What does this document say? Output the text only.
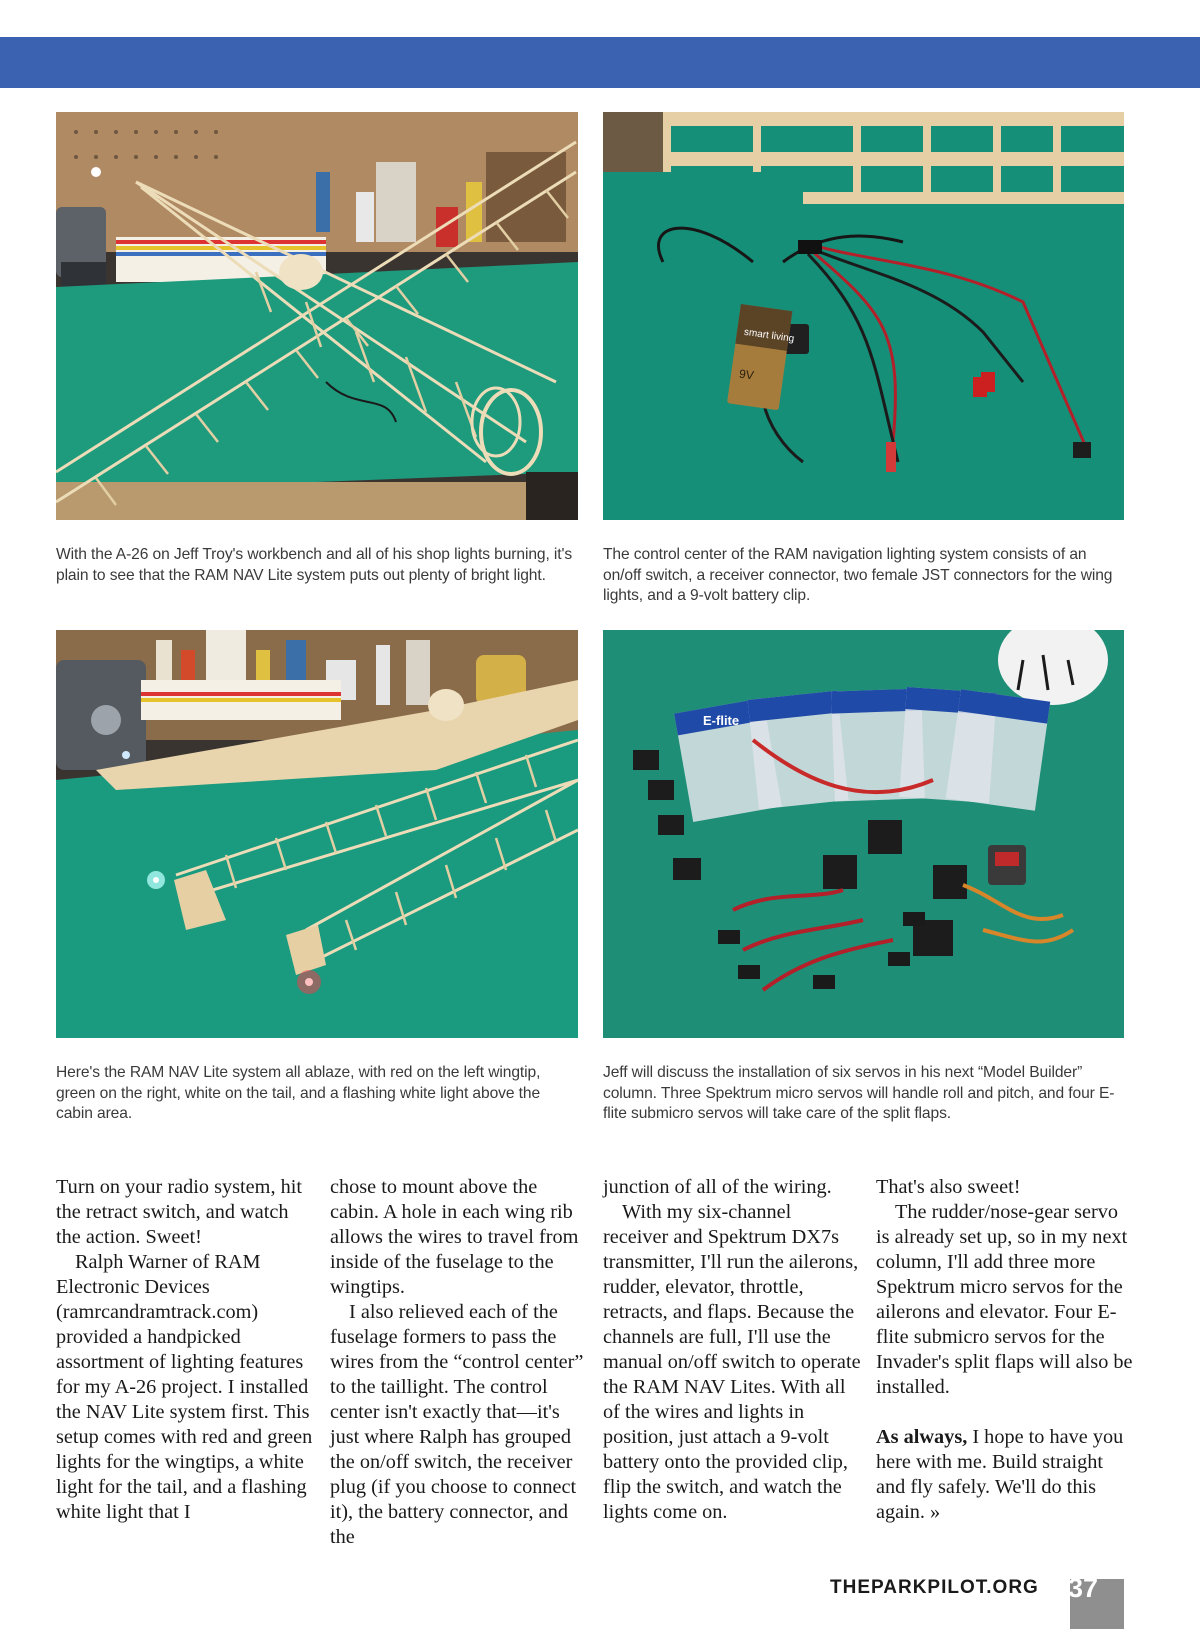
smart living
9V
With the A-26 on Jeff Troy's workbench and all of his shop lights burning, it's plain to see that the RAM NAV Lite system puts out plenty of bright light.
The control center of the RAM navigation lighting system consists of an on/off switch, a receiver connector, two female JST connectors for the wing lights, and a 9-volt battery clip.
E-flite
Here's the RAM NAV Lite system all ablaze, with red on the left wingtip, green on the right, white on the tail, and a flashing white light above the cabin area.
Jeff will discuss the installation of six servos in his next “Model Builder” column. Three Spektrum micro servos will handle roll and pitch, and four E-flite submicro servos will take care of the split flaps.

Turn on your radio system, hit the retract switch, and watch the action. Sweet!

Ralph Warner of RAM Electronic Devices (ramrcandramtrack.com) provided a handpicked assortment of lighting features for my A-26 project. I installed the NAV Lite system first. This setup comes with red and green lights for the wingtips, a white light for the tail, and a flashing white light that I

chose to mount above the cabin. A hole in each wing rib allows the wires to travel from inside of the fuselage to the wingtips.

I also relieved each of the fuselage formers to pass the wires from the “control center” to the taillight. The control center isn't exactly that—it's just where Ralph has grouped the on/off switch, the receiver plug (if you choose to connect it), the battery connector, and the

junction of all of the wiring.

With my six-channel receiver and Spektrum DX7s transmitter, I'll run the ailerons, rudder, elevator, throttle, retracts, and flaps. Because the channels are full, I'll use the manual on/off switch to operate the RAM NAV Lites. With all of the wires and lights in position, just attach a 9-volt battery onto the provided clip, flip the switch, and watch the lights come on.

That's also sweet!

The rudder/nose-gear servo is already set up, so in my next column, I'll add three more Spektrum micro servos for the ailerons and elevator. Four E-flite submicro servos for the Invader's split flaps will also be installed.

As always, I hope to have you here with me. Build straight and fly safely. We'll do this again. »

THEPARKPILOT.ORG 37
